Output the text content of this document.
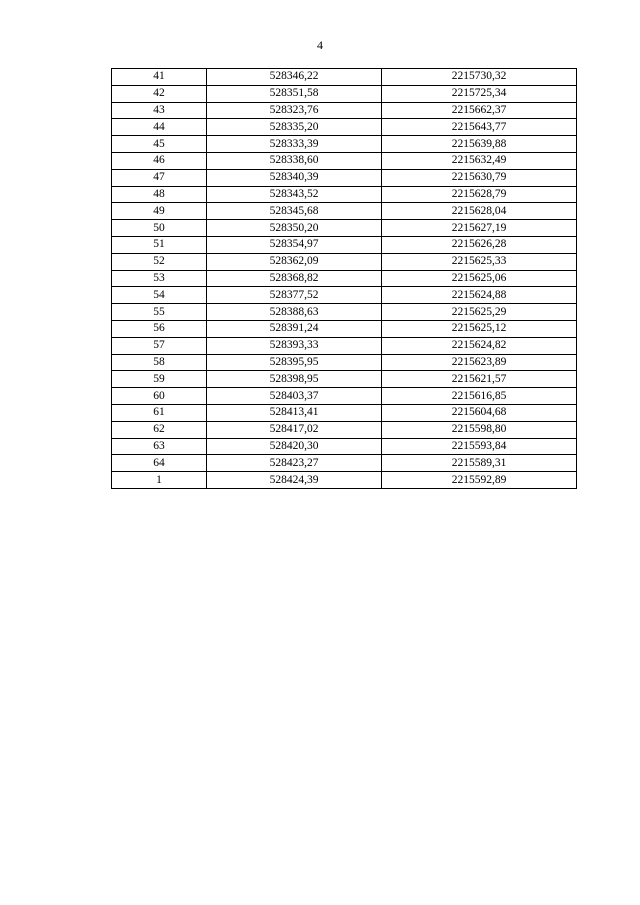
4
41	528346,22	2215730,32
42	528351,58	2215725,34
43	528323,76	2215662,37
44	528335,20	2215643,77
45	528333,39	2215639,88
46	528338,60	2215632,49
47	528340,39	2215630,79
48	528343,52	2215628,79
49	528345,68	2215628,04
50	528350,20	2215627,19
51	528354,97	2215626,28
52	528362,09	2215625,33
53	528368,82	2215625,06
54	528377,52	2215624,88
55	528388,63	2215625,29
56	528391,24	2215625,12
57	528393,33	2215624,82
58	528395,95	2215623,89
59	528398,95	2215621,57
60	528403,37	2215616,85
61	528413,41	2215604,68
62	528417,02	2215598,80
63	528420,30	2215593,84
64	528423,27	2215589,31
1	528424,39	2215592,89
